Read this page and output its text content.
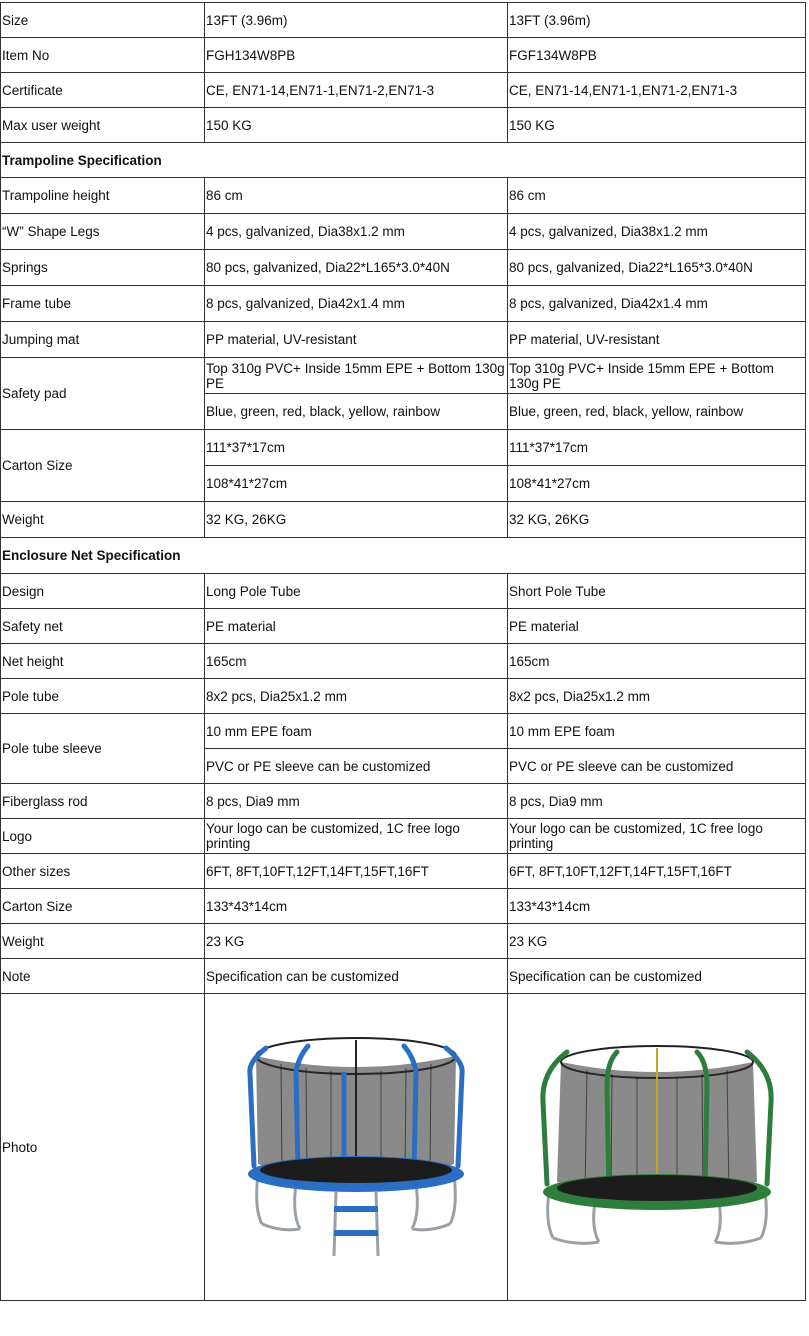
Size	13FT (3.96m)	13FT (3.96m)
Item No	FGH134W8PB	FGF134W8PB
Certificate	CE, EN71-14,EN71-1,EN71-2,EN71-3	CE, EN71-14,EN71-1,EN71-2,EN71-3
Max user weight	150 KG	150 KG
Trampoline Specification		
Trampoline height	86 cm	86 cm
“W” Shape Legs	4 pcs, galvanized, Dia38x1.2 mm	4 pcs, galvanized, Dia38x1.2 mm
Springs	80 pcs, galvanized, Dia22*L165*3.0*40N	80 pcs, galvanized, Dia22*L165*3.0*40N
Frame tube	8 pcs, galvanized, Dia42x1.4 mm	8 pcs, galvanized, Dia42x1.4 mm
Jumping mat	PP material, UV-resistant	PP material, UV-resistant
Safety pad	Top 310g PVC+ Inside 15mm EPE + Bottom 130g PE	Top 310g PVC+ Inside 15mm EPE + Bottom 130g PE
	Blue, green, red, black, yellow, rainbow	Blue, green, red, black, yellow, rainbow
Carton Size	111*37*17cm	111*37*17cm
	108*41*27cm	108*41*27cm
Weight	32 KG, 26KG	32 KG, 26KG
Enclosure Net Specification		
Design	Long Pole Tube	Short Pole Tube
Safety net	PE material	PE material
Net height	165cm	165cm
Pole tube	8x2 pcs, Dia25x1.2 mm	8x2 pcs, Dia25x1.2 mm
Pole tube sleeve	10 mm EPE foam	10 mm EPE foam
	PVC or PE sleeve can be customized	PVC or PE sleeve can be customized
Fiberglass rod	8 pcs, Dia9 mm	8 pcs, Dia9 mm
Logo	Your logo can be customized, 1C free logo printing	Your logo can be customized, 1C free logo printing
Other sizes	6FT, 8FT,10FT,12FT,14FT,15FT,16FT	6FT, 8FT,10FT,12FT,14FT,15FT,16FT
Carton Size	133*43*14cm	133*43*14cm
Weight	23 KG	23 KG
Note	Specification can be customized	Specification can be customized
Photo	
